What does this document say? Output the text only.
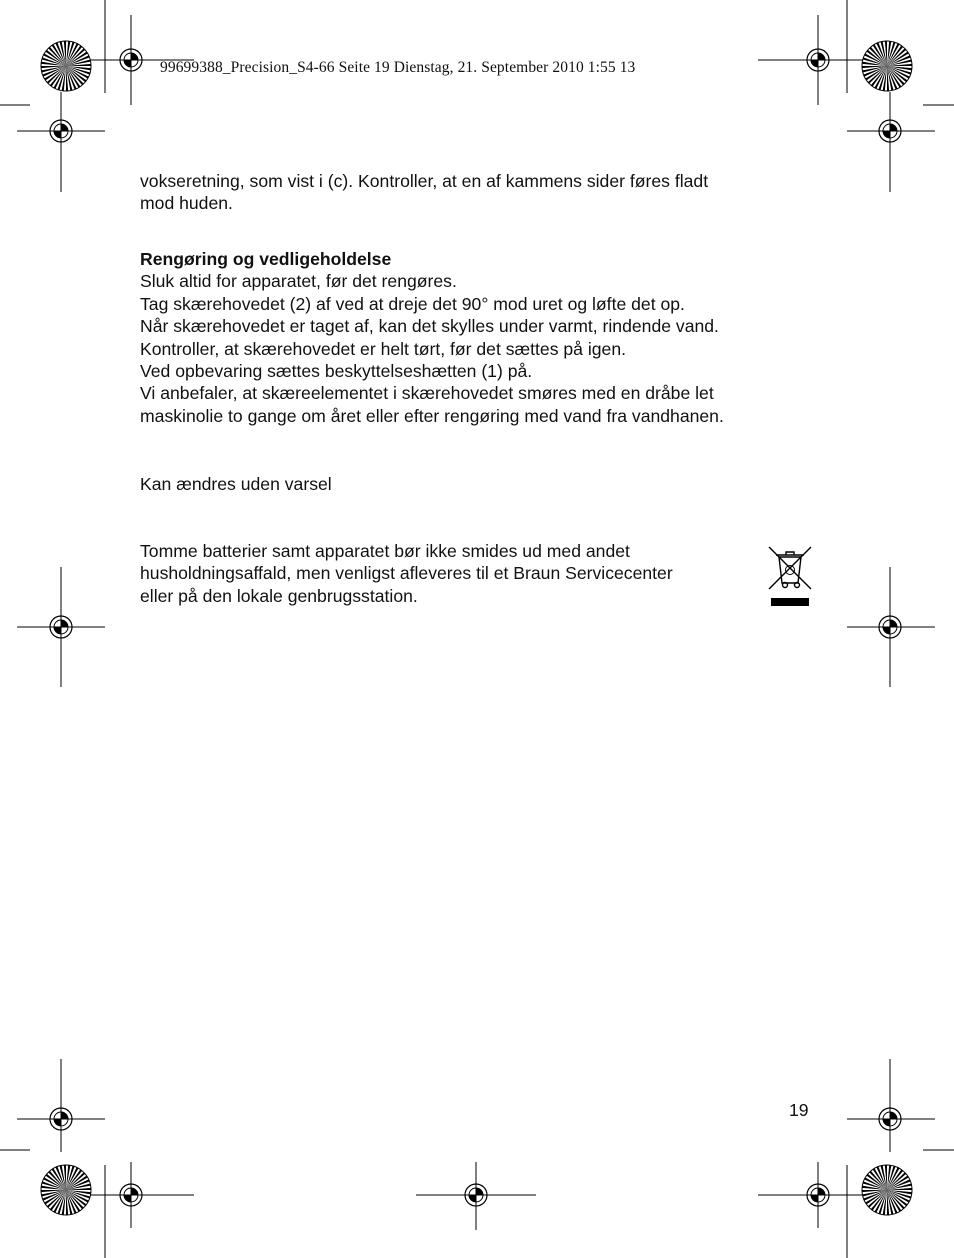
99699388_Precision_S4-66 Seite 19 Dienstag, 21. September 2010 1:55 13

vokseretning, som vist i (c). Kontroller, at en af kammens sider føres fladt

mod huden.

Rengøring og vedligeholdelse

Sluk altid for apparatet, før det rengøres.

Tag skærehovedet (2) af ved at dreje det 90° mod uret og løfte det op.

Når skærehovedet er taget af, kan det skylles under varmt, rindende vand.

Kontroller, at skærehovedet er helt tørt, før det sættes på igen.

Ved opbevaring sættes beskyttelseshætten (1) på.

Vi anbefaler, at skæreelementet i skærehovedet smøres med en dråbe let

maskinolie to gange om året eller efter rengøring med vand fra vandhanen.

Kan ændres uden varsel

Tomme batterier samt apparatet bør ikke smides ud med andet

husholdningsaffald, men venligst afleveres til et Braun Servicecenter

eller på den lokale genbrugsstation.

19
